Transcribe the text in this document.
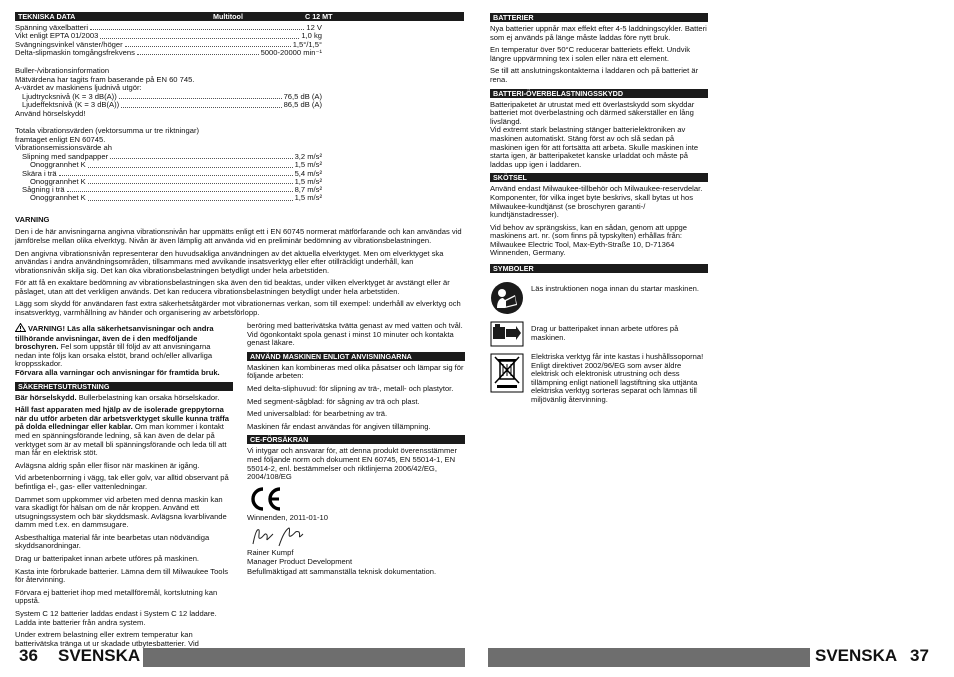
TEKNISKA DATA	Multitool	C 12 MT
Spänning växelbatteri	12 V
Vikt enligt EPTA 01/2003	1,0 kg
Svängningsvinkel vänster/höger	1,5°/1,5°
Delta-slipmaskin tomgångsfrekvens	5000-20000 min⁻¹
Buller-/vibrationsinformation
Mätvärdena har tagits fram baserande på EN 60 745.
A-värdet av maskinens ljudnivå utgör:
Ljudtrycksnivå (K = 3 dB(A))	76,5 dB (A)
Ljudeffektsnivå (K = 3 dB(A))	86,5 dB (A)
Använd hörselskydd!
Totala vibrationsvärden (vektorsumma ur tre riktningar)
framtaget enligt EN 60745.
Vibrationsemissionsvärde ah
Slipning med sandpapper	3,2 m/s²
Onoggrannhet K	1,5 m/s²
Skära i trä	5,4 m/s²
Onoggrannhet K	1,5 m/s²
Sågning i trä	8,7 m/s²
Onoggrannhet K	1,5 m/s²
VARNING
Den i de här anvisningarna angivna vibrationsnivån har uppmätts enligt ett i EN 60745 normerat mätförfarande och kan användas vid jämförelse mellan olika elverktyg. Nivån är även lämplig att använda vid en preliminär bedömning av vibrationsbelastningen.
Den angivna vibrationsnivån representerar den huvudsakliga användningen av det aktuella elverktyget. Men om elverktyget ska användas i andra användningsområden, tillsammans med avvikande insatsverktyg eller efter otillräckligt underhåll, kan vibrationsnivån skilja sig. Det kan öka vibrationsbelastningen betydligt under hela arbetstiden.
För att få en exaktare bedömning av vibrationsbelastningen ska även den tid beaktas, under vilken elverktyget är avstängt eller är påslaget, utan att det verkligen används. Det kan reducera vibrationsbelastningen betydligt under hela arbetstiden.
Lägg som skydd för användaren fast extra säkerhetsåtgärder mot vibrationernas verkan, som till exempel: underhåll av elverktyg och insatsverktyg, varmhållning av händer och organisering av arbetsförlopp.
VARNING! Läs alla säkerhetsanvisningar och andra tillhörande anvisningar, även de i den medföljande broschyren. Fel som uppstår till följd av att anvisningarna nedan inte följs kan orsaka elstöt, brand och/eller allvarliga kroppsskador.
Förvara alla varningar och anvisningar för framtida bruk.
SÄKERHETSUTRUSTNING
Bär hörselskydd. Bullerbelastning kan orsaka hörselskador.
Håll fast apparaten med hjälp av de isolerade greppytorna när du utför arbeten där arbetsverktyget skulle kunna träffa på dolda elledningar eller kablar. Om man kommer i kontakt med en spänningsförande ledning, så kan även de delar på verktyget som är av metall bli spänningsförande och leda till att man får en elektrisk stöt.
Avlägsna aldrig spån eller flisor när maskinen är igång.
Vid arbetenborrning i vägg, tak eller golv, var alltid observant på befintliga el-, gas- eller vattenledningar.
Dammet som uppkommer vid arbeten med denna maskin kan vara skadligt för hälsan om de når kroppen. Använd ett utsugningssystem och bär skyddsmask. Avlägsna kvarblivande damm med t.ex. en dammsugare.
Asbesthaltiga material får inte bearbetas utan nödvändiga skyddsanordningar.
Drag ur batteripaket innan arbete utföres på maskinen.
Kasta inte förbrukade batterier. Lämna dem till Milwaukee Tools för återvinning.
Förvara ej batteriet ihop med metallföremål, kortslutning kan uppstå.
System C 12 batterier laddas endast i System C 12 laddare. Ladda inte batterier från andra system.
Under extrem belastning eller extrem temperatur kan batterivätska tränga ut ur skadade utbytesbatterier. Vid
beröring med batterivätska tvätta genast av med vatten och tvål. Vid ögonkontakt spola genast i minst 10 minuter och kontakta genast läkare.
ANVÄND MASKINEN ENLIGT ANVISNINGARNA
Maskinen kan kombineras med olika påsatser och lämpar sig för följande arbeten:
Med delta-sliphuvud: för slipning av trä-, metall- och plastytor.
Med segment-sågblad: för sågning av trä och plast.
Med universalblad: för bearbetning av trä.
Maskinen får endast användas för angiven tillämpning.
CE-FÖRSÄKRAN
Vi intygar och ansvarar för, att denna produkt överensstämmer med följande norm och dokument EN 60745, EN 55014-1, EN 55014-2, enl. bestämmelser och riktlinjerna 2006/42/EG, 2004/108/EG
Winnenden, 2011-01-10
Rainer Kumpf
Manager Product Development
Befullmäktigad att sammanställa teknisk dokumentation.
BATTERIER
Nya batterier uppnår max effekt efter 4-5 laddningscykler. Batteri som ej används på länge måste laddas före nytt bruk.
En temperatur över 50°C reducerar batteriets effekt. Undvik längre uppvärmning tex i solen eller nära ett element.
Se till att anslutningskontakterna i laddaren och på batteriet är rena.
BATTERI-ÖVERBELASTNINGSSKYDD
Batteripaketet är utrustat med ett överlastskydd som skyddar batteriet mot överbelastning och därmed säkerställer en lång livslängd.
Vid extremt stark belastning stänger batterielektroniken av maskinen automatiskt. Stäng först av och slå sedan på maskinen igen för att fortsätta att arbeta. Skulle maskinen inte starta igen, är batteripaketet kanske urladdat och måste på laddas upp igen i laddaren.
SKÖTSEL
Använd endast Milwaukee-tillbehör och Milwaukee-reservdelar. Komponenter, för vilka inget byte beskrivs, skall bytas ut hos Milwaukee-kundtjänst (se broschyren garanti-/ kundtjänstadresser).
Vid behov av sprängskiss, kan en sådan, genom att uppge maskinens art. nr. (som finns på typskylten) erhållas från: Milwaukee Electric Tool, Max-Eyth-Straße 10, D-71364 Winnenden, Germany.
SYMBOLER
Läs instruktionen noga innan du startar maskinen.
Drag ur batteripaket innan arbete utföres på maskinen.
Elektriska verktyg får inte kastas i hushållssoporna! Enligt direktivet 2002/96/EG som avser äldre elektrisk och elektronisk utrustning och dess tillämpning enligt nationell lagstiftning ska uttjänta elektriska verktyg sorteras separat och lämnas till miljövänlig återvinning.
36 SVENSKA	SVENSKA 37
